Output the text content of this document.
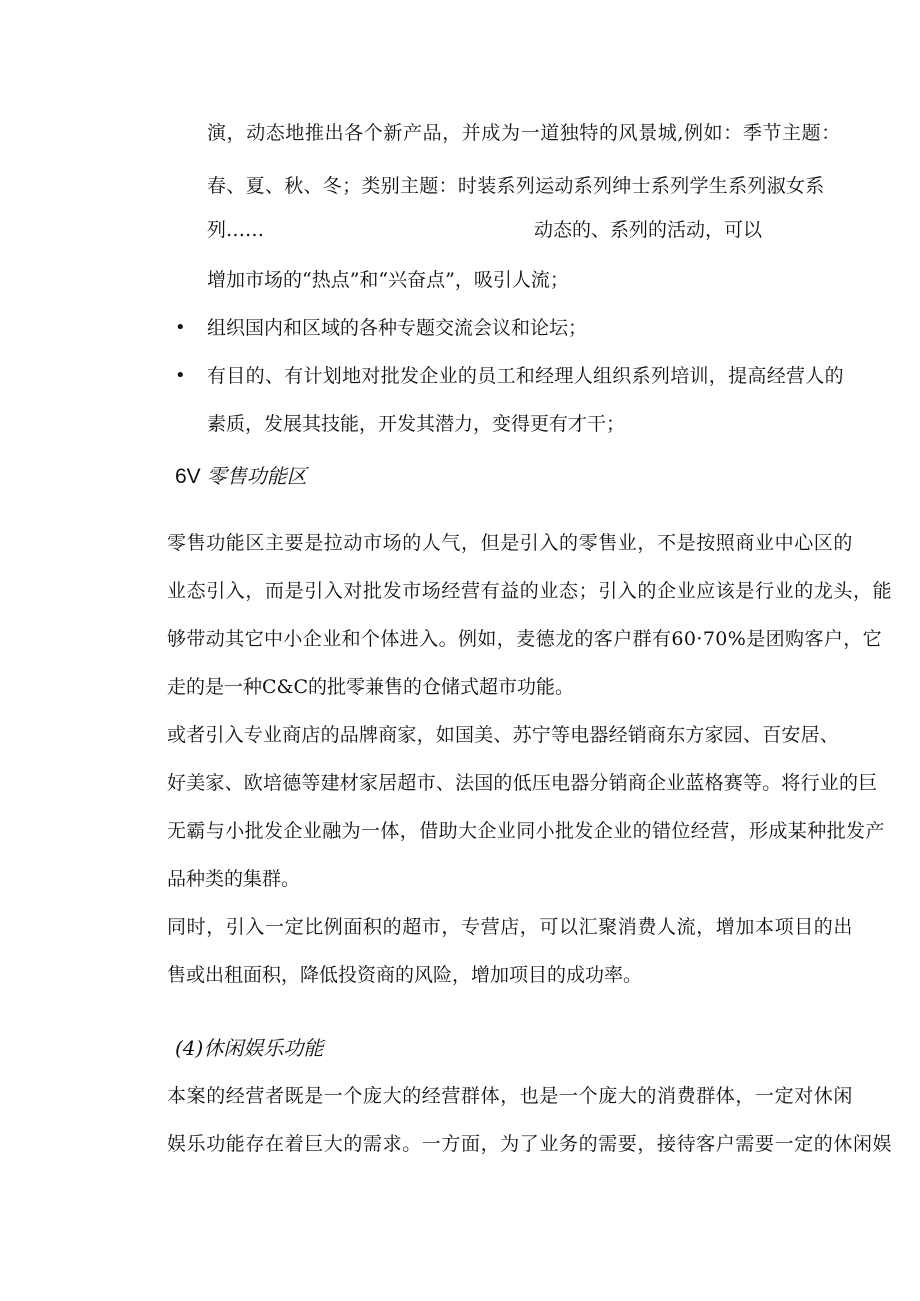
演，动态地推出各个新产品，并成为一道独特的风景城,例如：季节主题：
春、夏、秋、冬；类别主题：时装系列运动系列绅士系列学生系列淑女系
列……	动态的、系列的活动，可以
增加市场的“热点”和“兴奋点”，吸引人流；
• 组织国内和区域的各种专题交流会议和论坛；
• 有目的、有计划地对批发企业的员工和经理人组织系列培训，提高经营人的
素质，发展其技能，开发其潜力，变得更有才干；
6V 零售功能区
零售功能区主要是拉动市场的人气，但是引入的零售业，不是按照商业中心区的
业态引入，而是引入对批发市场经营有益的业态；引入的企业应该是行业的龙头，能
够带动其它中小企业和个体进入。例如，麦德龙的客户群有60·70%是团购客户，它
走的是一种C&C的批零兼售的仓储式超市功能。
或者引入专业商店的品牌商家，如国美、苏宁等电器经销商东方家园、百安居、
好美家、欧培德等建材家居超市、法国的低压电器分销商企业蓝格赛等。将行业的巨
无霸与小批发企业融为一体，借助大企业同小批发企业的错位经营，形成某种批发产
品种类的集群。
同时，引入一定比例面积的超市，专营店，可以汇聚消费人流，增加本项目的出
售或出租面积，降低投资商的风险，增加项目的成功率。
(4)休闲娱乐功能
本案的经营者既是一个庞大的经营群体，也是一个庞大的消费群体，一定对休闲
娱乐功能存在着巨大的需求。一方面，为了业务的需要，接待客户需要一定的休闲娱
